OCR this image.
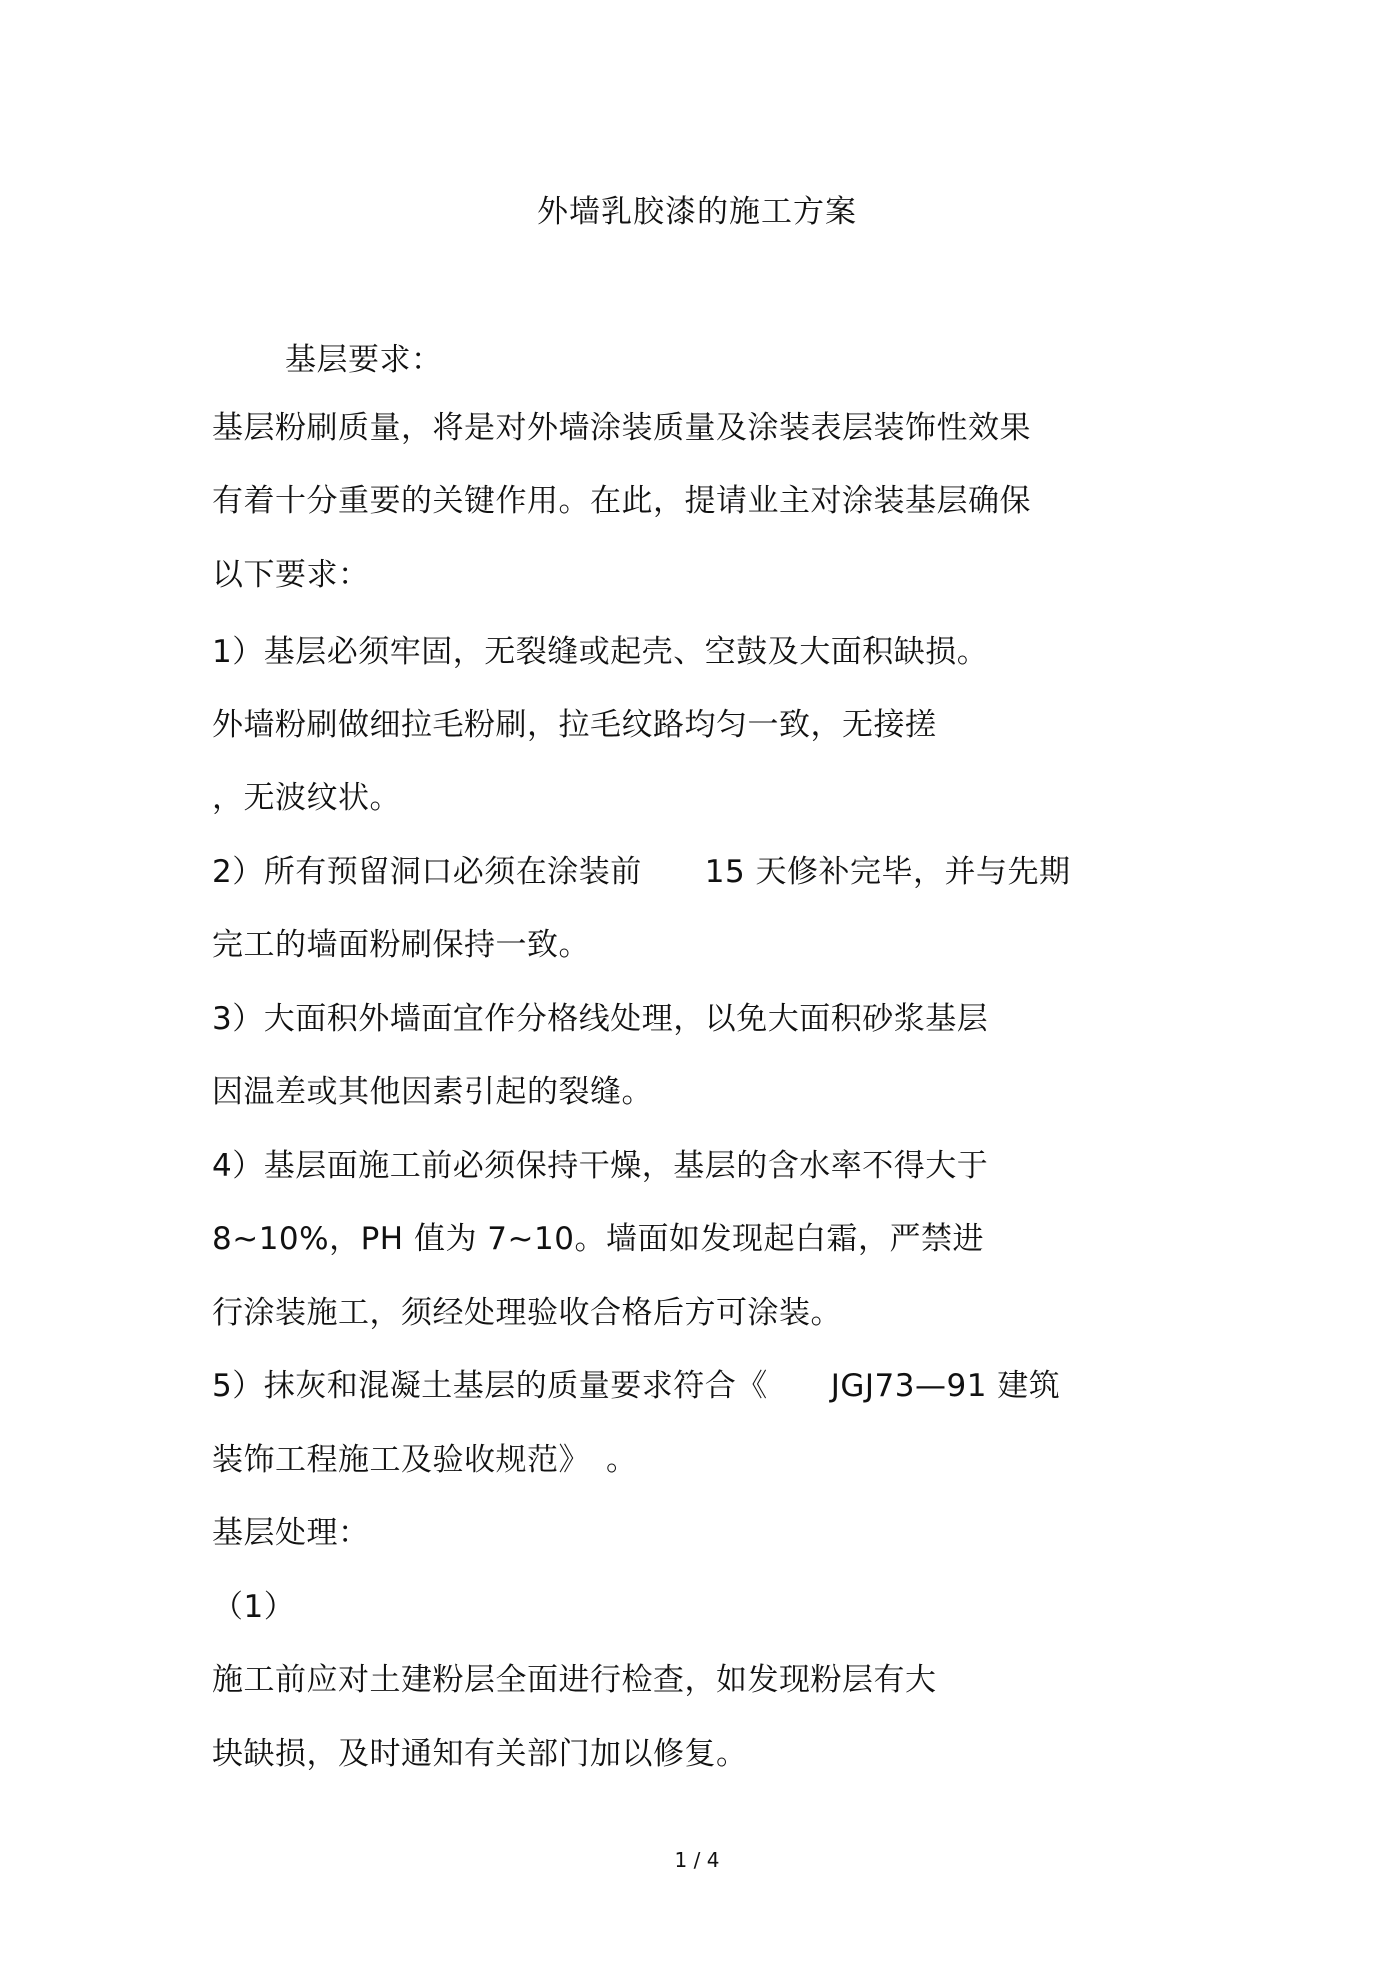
外墙乳胶漆的施工方案
基层要求：
基层粉刷质量，将是对外墙涂装质量及涂装表层装饰性效果
有着十分重要的关键作用。在此，提请业主对涂装基层确保
以下要求：
1）基层必须牢固，无裂缝或起壳、空鼓及大面积缺损。
外墙粉刷做细拉毛粉刷，拉毛纹路均匀一致，无接搓
，无波纹状。
2）所有预留洞口必须在涂装前　　15 天修补完毕，并与先期
完工的墙面粉刷保持一致。
3）大面积外墙面宜作分格线处理，以免大面积砂浆基层
因温差或其他因素引起的裂缝。
4）基层面施工前必须保持干燥，基层的含水率不得大于
8~10%，PH 值为 7~10。墙面如发现起白霜，严禁进
行涂装施工，须经处理验收合格后方可涂装。
5）抹灰和混凝土基层的质量要求符合《　　JGJ73—91 建筑
装饰工程施工及验收规范》　。
基层处理：
（1）
施工前应对土建粉层全面进行检查，如发现粉层有大
块缺损，及时通知有关部门加以修复。
1 / 4
